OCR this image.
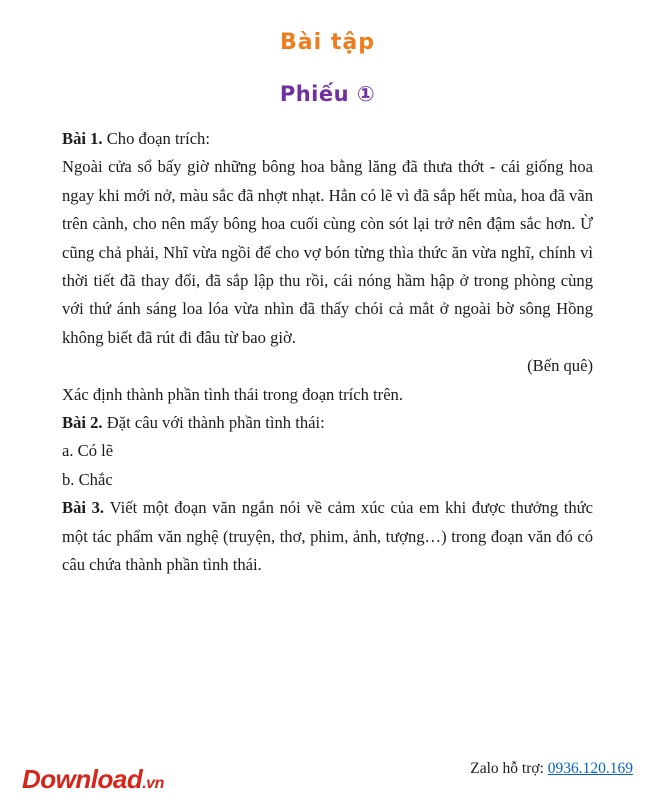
Bài tập
Phiếu ①

Bài 1. Cho đoạn trích:

Ngoài cửa sổ bấy giờ những bông hoa bằng lăng đã thưa thớt - cái giống hoa ngay khi mới nở, màu sắc đã nhợt nhạt. Hẳn có lẽ vì đã sắp hết mùa, hoa đã vãn trên cành, cho nên mấy bông hoa cuối cùng còn sót lại trở nên đậm sắc hơn. Ừ cũng chả phải, Nhĩ vừa ngồi để cho vợ bón từng thìa thức ăn vừa nghĩ, chính vì thời tiết đã thay đổi, đã sắp lập thu rồi, cái nóng hầm hập ở trong phòng cùng với thứ ánh sáng loa lóa vừa nhìn đã thấy chói cả mắt ở ngoài bờ sông Hồng không biết đã rút đi đâu từ bao giờ.

(Bến quê)

Xác định thành phần tình thái trong đoạn trích trên.

Bài 2. Đặt câu với thành phần tình thái:

a. Có lẽ

b. Chắc

Bài 3. Viết một đoạn văn ngắn nói về cảm xúc của em khi được thưởng thức một tác phẩm văn nghệ (truyện, thơ, phim, ảnh, tượng…) trong đoạn văn đó có câu chứa thành phần tình thái.

Download.vn
Zalo hỗ trợ: 0936.120.169
